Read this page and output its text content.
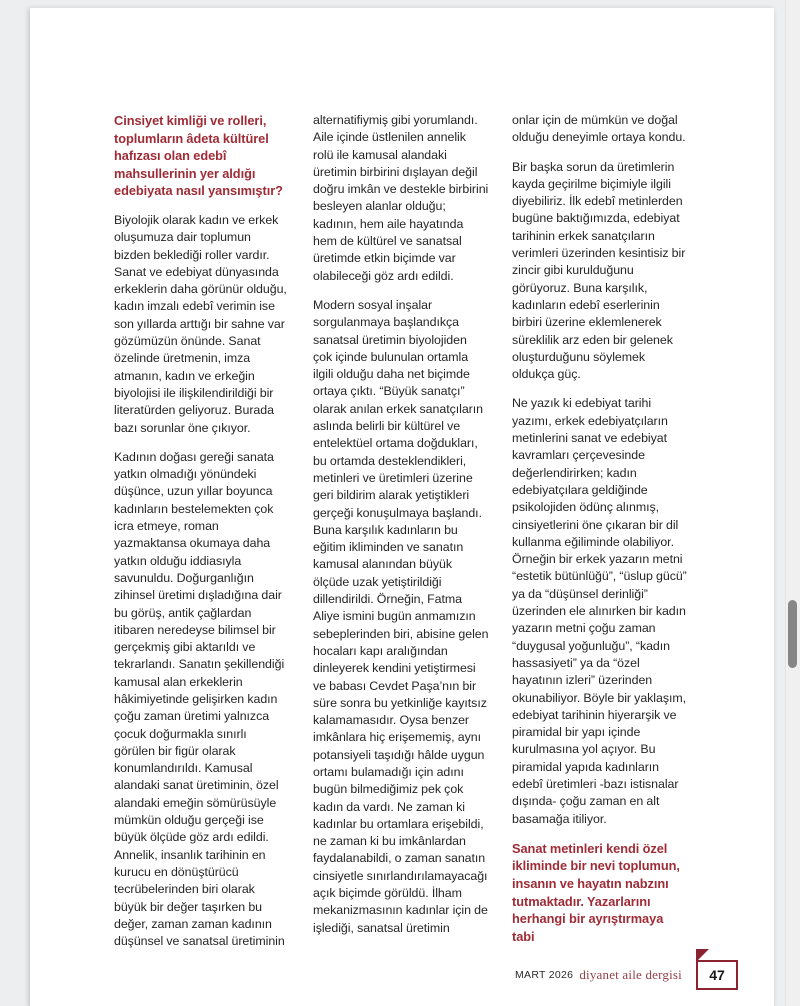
Cinsiyet kimliği ve rolleri, toplumların âdeta kültürel hafızası olan edebî mahsullerinin yer aldığı edebiyata nasıl yansımıştır?

Biyolojik olarak kadın ve erkek oluşumuza dair toplumun bizden beklediği roller vardır. Sanat ve edebiyat dünyasında erkeklerin daha görünür olduğu, kadın imzalı edebî verimin ise son yıllarda arttığı bir sahne var gözümüzün önünde. Sanat özelinde üretmenin, imza atmanın, kadın ve erkeğin biyolojisi ile ilişkilendirildiği bir literatürden geliyoruz. Burada bazı sorunlar öne çıkıyor.

Kadının doğası gereği sanata yatkın olmadığı yönündeki düşünce, uzun yıllar boyunca kadınların bestelemekten çok icra etmeye, roman yazmaktansa okumaya daha yatkın olduğu iddiasıyla savunuldu. Doğurganlığın zihinsel üretimi dışladığına dair bu görüş, antik çağlardan itibaren neredeyse bilimsel bir gerçekmiş gibi aktarıldı ve tekrarlandı. Sanatın şekillendiği kamusal alan erkeklerin hâkimiyetinde gelişirken kadın çoğu zaman üretimi yalnızca çocuk doğurmakla sınırlı görülen bir figür olarak konumlandırıldı. Kamusal alandaki sanat üretiminin, özel alandaki emeğin sömürüsüyle mümkün olduğu gerçeği ise büyük ölçüde göz ardı edildi. Annelik, insanlık tarihinin en kurucu en dönüştürücü tecrübelerinden biri olarak büyük bir değer taşırken bu değer, zaman zaman kadının düşünsel ve sanatsal üretiminin

alternatifiymiş gibi yorumlandı. Aile içinde üstlenilen annelik rolü ile kamusal alandaki üretimin birbirini dışlayan değil doğru imkân ve destekle birbirini besleyen alanlar olduğu; kadının, hem aile hayatında hem de kültürel ve sanatsal üretimde etkin biçimde var olabileceği göz ardı edildi.

Modern sosyal inşalar sorgulanmaya başlandıkça sanatsal üretimin biyolojiden çok içinde bulunulan ortamla ilgili olduğu daha net biçimde ortaya çıktı. “Büyük sanatçı” olarak anılan erkek sanatçıların aslında belirli bir kültürel ve entelektüel ortama doğdukları, bu ortamda desteklendikleri, metinleri ve üretimleri üzerine geri bildirim alarak yetiştikleri gerçeği konuşulmaya başlandı. Buna karşılık kadınların bu eğitim ikliminden ve sanatın kamusal alanından büyük ölçüde uzak yetiştirildiği dillendirildi. Örneğin, Fatma Aliye ismini bugün anmamızın sebeplerinden biri, abisine gelen hocaları kapı aralığından dinleyerek kendini yetiştirmesi ve babası Cevdet Paşa’nın bir süre sonra bu yetkinliğe kayıtsız kalamamasıdır. Oysa benzer imkânlara hiç erişememiş, aynı potansiyeli taşıdığı hâlde uygun ortamı bulamadığı için adını bugün bilmediğimiz pek çok kadın da vardı. Ne zaman ki kadınlar bu ortamlara erişebildi, ne zaman ki bu imkânlardan faydalanabildi, o zaman sanatın cinsiyetle sınırlandırılamayacağı açık biçimde görüldü. İlham mekanizmasının kadınlar için de işlediği, sanatsal üretimin

onlar için de mümkün ve doğal olduğu deneyimle ortaya kondu.

Bir başka sorun da üretimlerin kayda geçirilme biçimiyle ilgili diyebiliriz. İlk edebî metinlerden bugüne baktığımızda, edebiyat tarihinin erkek sanatçıların verimleri üzerinden kesintisiz bir zincir gibi kurulduğunu görüyoruz. Buna karşılık, kadınların edebî eserlerinin birbiri üzerine eklemlenerek süreklilik arz eden bir gelenek oluşturduğunu söylemek oldukça güç.

Ne yazık ki edebiyat tarihi yazımı, erkek edebiyatçıların metinlerini sanat ve edebiyat kavramları çerçevesinde değerlendirirken; kadın edebiyatçılara geldiğinde psikolojiden ödünç alınmış, cinsiyetlerini öne çıkaran bir dil kullanma eğiliminde olabiliyor. Örneğin bir erkek yazarın metni “estetik bütünlüğü”, “üslup gücü” ya da “düşünsel derinliği” üzerinden ele alınırken bir kadın yazarın metni çoğu zaman “duygusal yoğunluğu”, “kadın hassasiyeti” ya da “özel hayatının izleri” üzerinden okunabiliyor. Böyle bir yaklaşım, edebiyat tarihinin hiyerarşik ve piramidal bir yapı içinde kurulmasına yol açıyor. Bu piramidal yapıda kadınların edebî üretimleri -bazı istisnalar dışında- çoğu zaman en alt basamağa itiliyor.

Sanat metinleri kendi özel ikliminde bir nevi toplumun, insanın ve hayatın nabzını tutmaktadır. Yazarlarını herhangi bir ayrıştırmaya tabi

MART 2026 diyanet aile dergisi 47
